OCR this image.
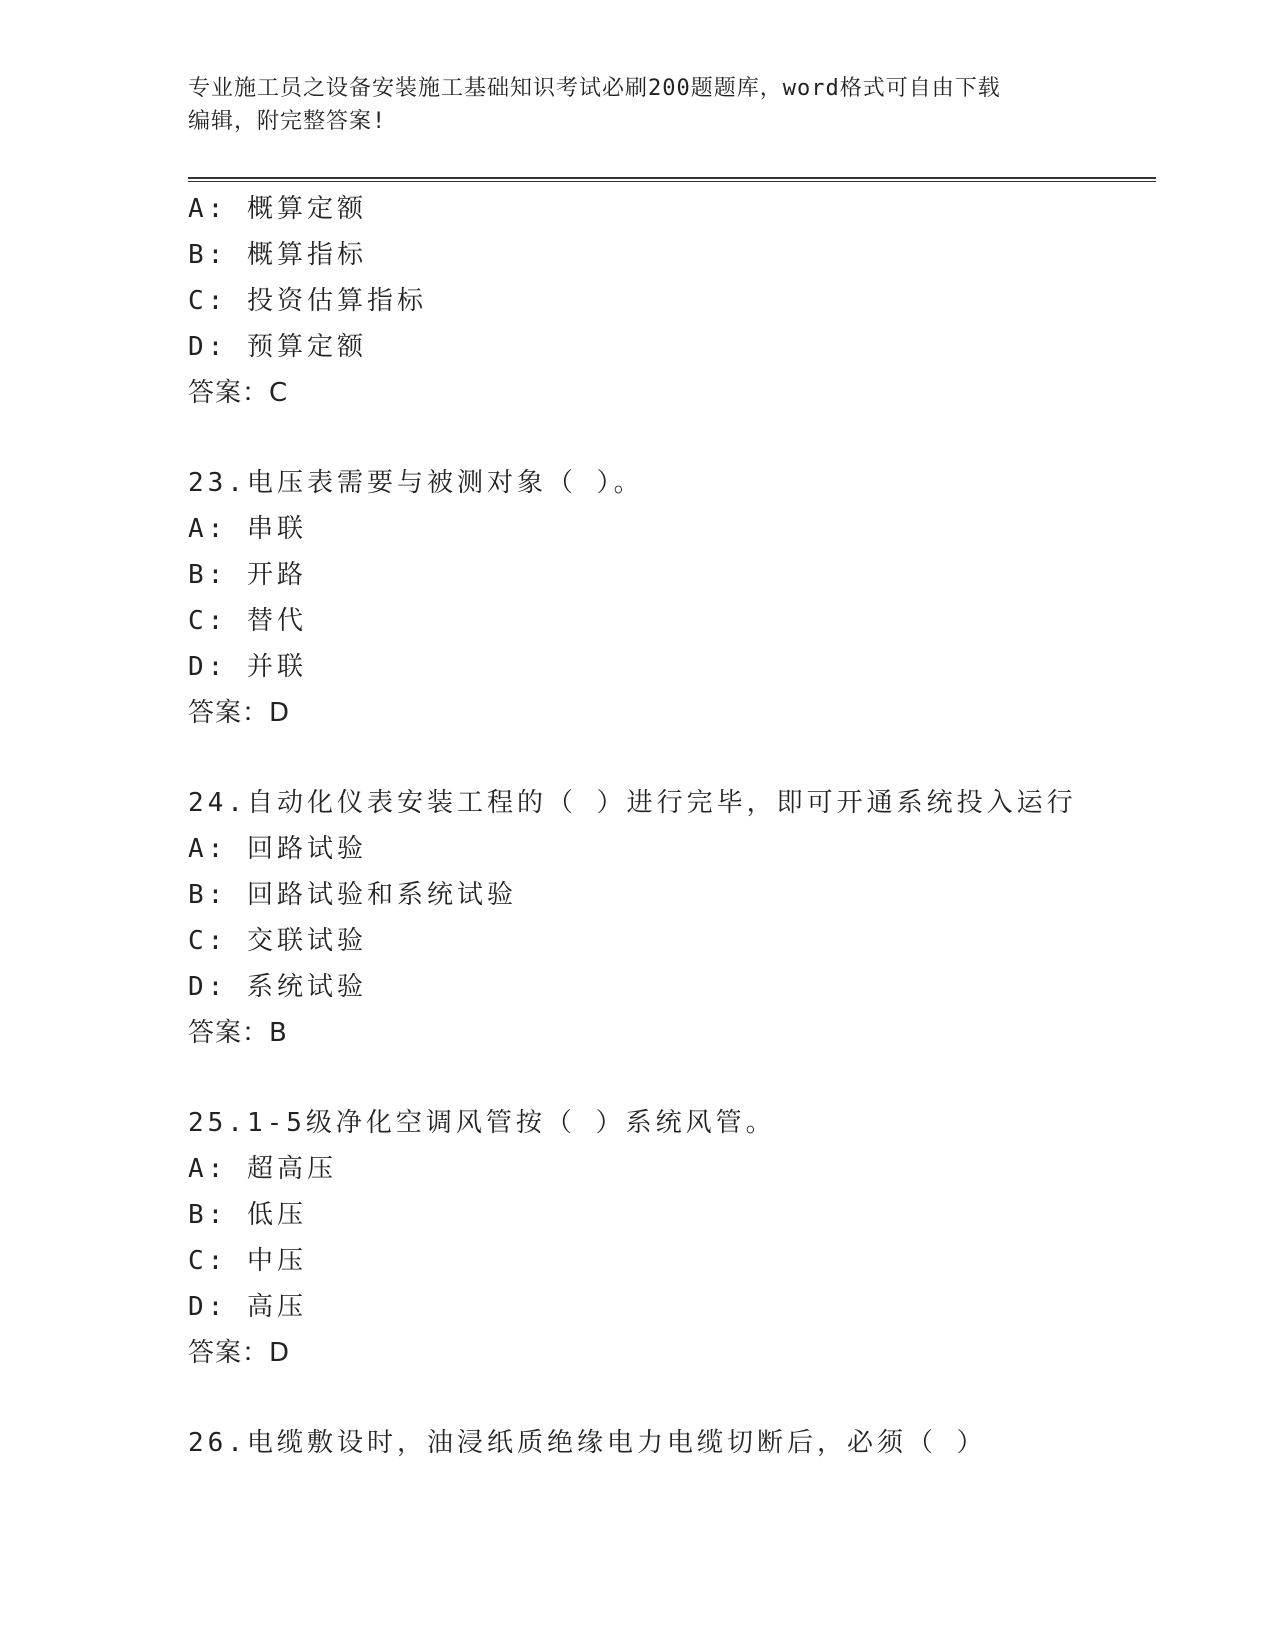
专业施工员之设备安装施工基础知识考试必刷200题题库，word格式可自由下载
编辑，附完整答案!
A: 概算定额
B: 概算指标
C: 投资估算指标
D: 预算定额
答案：C
23.电压表需要与被测对象（ ）。
A: 串联
B: 开路
C: 替代
D: 并联
答案：D
24.自动化仪表安装工程的（ ）进行完毕，即可开通系统投入运行
A: 回路试验
B: 回路试验和系统试验
C: 交联试验
D: 系统试验
答案：B
25.1-5级净化空调风管按（ ）系统风管。
A: 超高压
B: 低压
C: 中压
D: 高压
答案：D
26.电缆敷设时，油浸纸质绝缘电力电缆切断后，必须（ ）
